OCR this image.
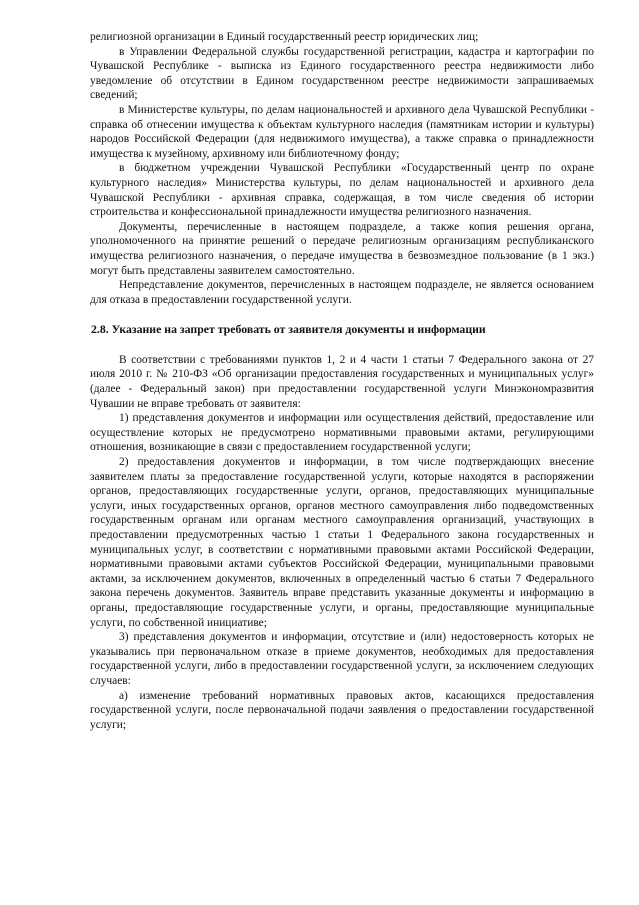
религиозной организации в Единый государственный реестр юридических лиц;

в Управлении Федеральной службы государственной регистрации, кадастра и картографии по Чувашской Республике - выписка из Единого государственного реестра недвижимости либо уведомление об отсутствии в Едином государственном реестре недвижимости запрашиваемых сведений;

в Министерстве культуры, по делам национальностей и архивного дела Чувашской Республики - справка об отнесении имущества к объектам культурного наследия (памятникам истории и культуры) народов Российской Федерации (для недвижимого имущества), а также справка о принадлежности имущества к музейному, архивному или библиотечному фонду;

в бюджетном учреждении Чувашской Республики «Государственный центр по охране культурного наследия» Министерства культуры, по делам национальностей и архивного дела Чувашской Республики - архивная справка, содержащая, в том числе сведения об истории строительства и конфессиональной принадлежности имущества религиозного назначения.

Документы, перечисленные в настоящем подразделе, а также копия решения органа, уполномоченного на принятие решений о передаче религиозным организациям республиканского имущества религиозного назначения, о передаче имущества в безвозмездное пользование (в 1 экз.) могут быть представлены заявителем самостоятельно.

Непредставление документов, перечисленных в настоящем подразделе, не является основанием для отказа в предоставлении государственной услуги.

2.8. Указание на запрет требовать от заявителя документы и информации

В соответствии с требованиями пунктов 1, 2 и 4 части 1 статьи 7 Федерального закона от 27 июля 2010 г. № 210-ФЗ «Об организации предоставления государственных и муниципальных услуг» (далее - Федеральный закон) при предоставлении государственной услуги Минэкономразвития Чувашии не вправе требовать от заявителя:

1) представления документов и информации или осуществления действий, предоставление или осуществление которых не предусмотрено нормативными правовыми актами, регулирующими отношения, возникающие в связи с предоставлением государственной услуги;

2) предоставления документов и информации, в том числе подтверждающих внесение заявителем платы за предоставление государственной услуги, которые находятся в распоряжении органов, предоставляющих государственные услуги, органов, предоставляющих муниципальные услуги, иных государственных органов, органов местного самоуправления либо подведомственных государственным органам или органам местного самоуправления организаций, участвующих в предоставлении предусмотренных частью 1 статьи 1 Федерального закона государственных и муниципальных услуг, в соответствии с нормативными правовыми актами Российской Федерации, нормативными правовыми актами субъектов Российской Федерации, муниципальными правовыми актами, за исключением документов, включенных в определенный частью 6 статьи 7 Федерального закона перечень документов. Заявитель вправе представить указанные документы и информацию в органы, предоставляющие государственные услуги, и органы, предоставляющие муниципальные услуги, по собственной инициативе;

3) представления документов и информации, отсутствие и (или) недостоверность которых не указывались при первоначальном отказе в приеме документов, необходимых для предоставления государственной услуги, либо в предоставлении государственной услуги, за исключением следующих случаев:

а) изменение требований нормативных правовых актов, касающихся предоставления государственной услуги, после первоначальной подачи заявления о предоставлении государственной услуги;
